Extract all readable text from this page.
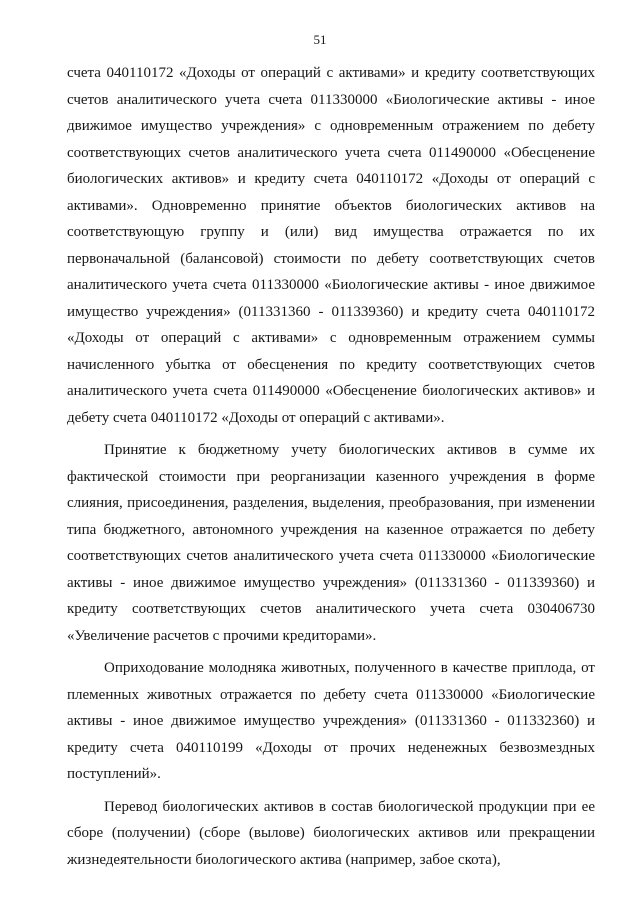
51

счета 040110172 «Доходы от операций с активами» и кредиту соответствующих счетов аналитического учета счета 011330000 «Биологические активы - иное движимое имущество учреждения» с одновременным отражением по дебету соответствующих счетов аналитического учета счета 011490000 «Обесценение биологических активов» и кредиту счета 040110172 «Доходы от операций с активами». Одновременно принятие объектов биологических активов на соответствующую группу и (или) вид имущества отражается по их первоначальной (балансовой) стоимости по дебету соответствующих счетов аналитического учета счета 011330000 «Биологические активы - иное движимое имущество учреждения» (011331360 - 011339360) и кредиту счета 040110172 «Доходы от операций с активами» с одновременным отражением суммы начисленного убытка от обесценения по кредиту соответствующих счетов аналитического учета счета 011490000 «Обесценение биологических активов» и дебету счета 040110172 «Доходы от операций с активами».

Принятие к бюджетному учету биологических активов в сумме их фактической стоимости при реорганизации казенного учреждения в форме слияния, присоединения, разделения, выделения, преобразования, при изменении типа бюджетного, автономного учреждения на казенное отражается по дебету соответствующих счетов аналитического учета счета 011330000 «Биологические активы - иное движимое имущество учреждения» (011331360 - 011339360) и кредиту соответствующих счетов аналитического учета счета 030406730 «Увеличение расчетов с прочими кредиторами».

Оприходование молодняка животных, полученного в качестве приплода, от племенных животных отражается по дебету счета 011330000 «Биологические активы - иное движимое имущество учреждения» (011331360 - 011332360) и кредиту счета 040110199 «Доходы от прочих неденежных безвозмездных поступлений».

Перевод биологических активов в состав биологической продукции при ее сборе (получении) (сборе (вылове) биологических активов или прекращении жизнедеятельности биологического актива (например, забое скота),
